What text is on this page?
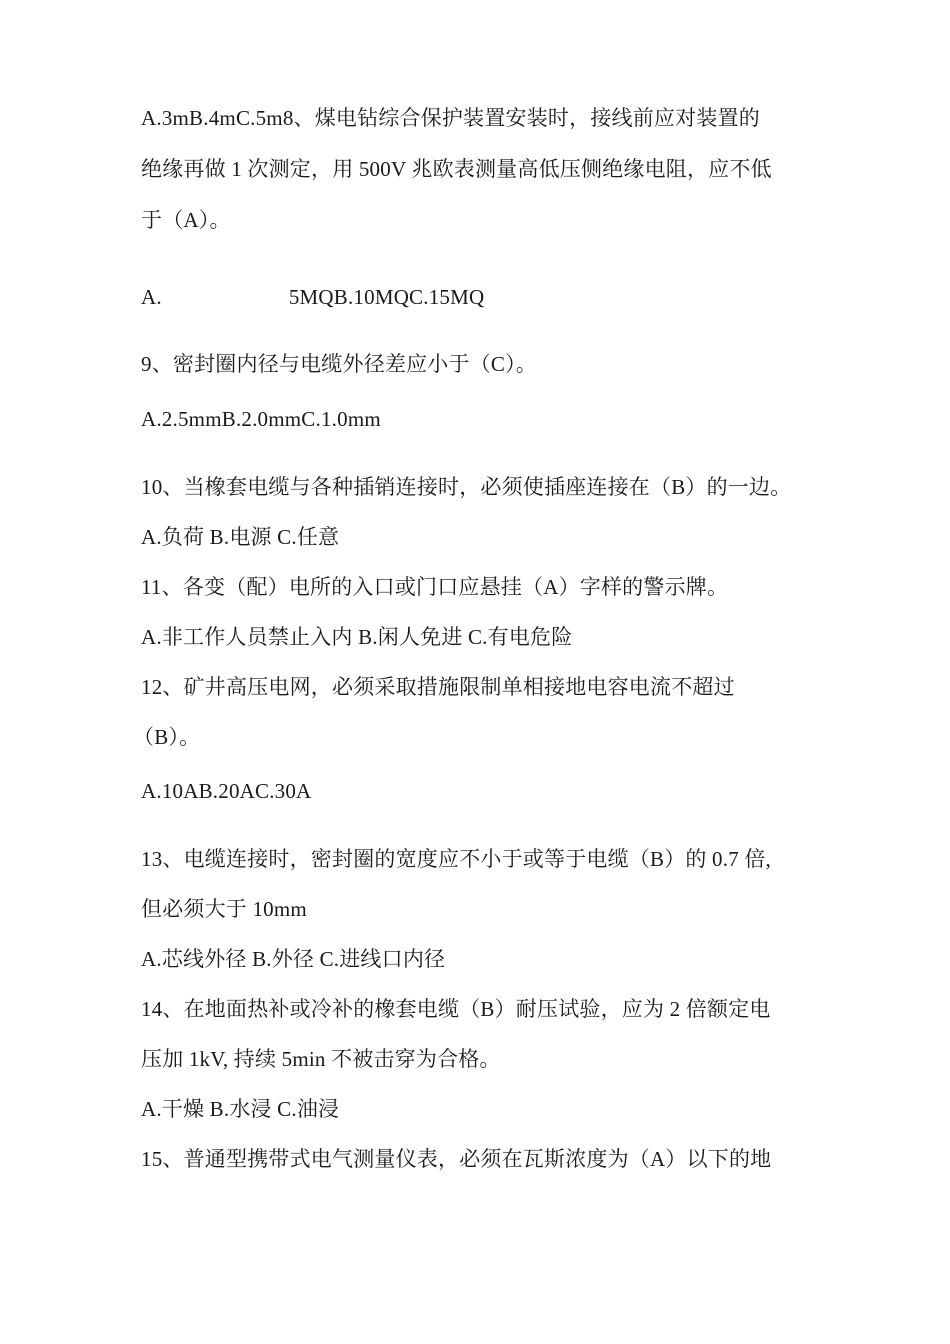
A.3mB.4mC.5m8、煤电钻综合保护装置安装时，接线前应对装置的
绝缘再做 1 次测定，用 500V 兆欧表测量高低压侧绝缘电阻，应不低
于（A）。
A.	5MQB.10MQC.15MQ
9、密封圈内径与电缆外径差应小于（C）。
A.2.5mmB.2.0mmC.1.0mm
10、当橡套电缆与各种插销连接时，必须使插座连接在（B）的一边。
A.负荷 B.电源 C.任意
11、各变（配）电所的入口或门口应悬挂（A）字样的警示牌。
A.非工作人员禁止入内 B.闲人免进 C.有电危险
12、矿井高压电网，必须采取措施限制单相接地电容电流不超过
（B）。
A.10AB.20AC.30A
13、电缆连接时，密封圈的宽度应不小于或等于电缆（B）的 0.7 倍,
但必须大于 10mm
A.芯线外径 B.外径 C.进线口内径
14、在地面热补或冷补的橡套电缆（B）耐压试验，应为 2 倍额定电
压加 1kV, 持续 5min 不被击穿为合格。
A.干燥 B.水浸 C.油浸
15、普通型携带式电气测量仪表，必须在瓦斯浓度为（A）以下的地
